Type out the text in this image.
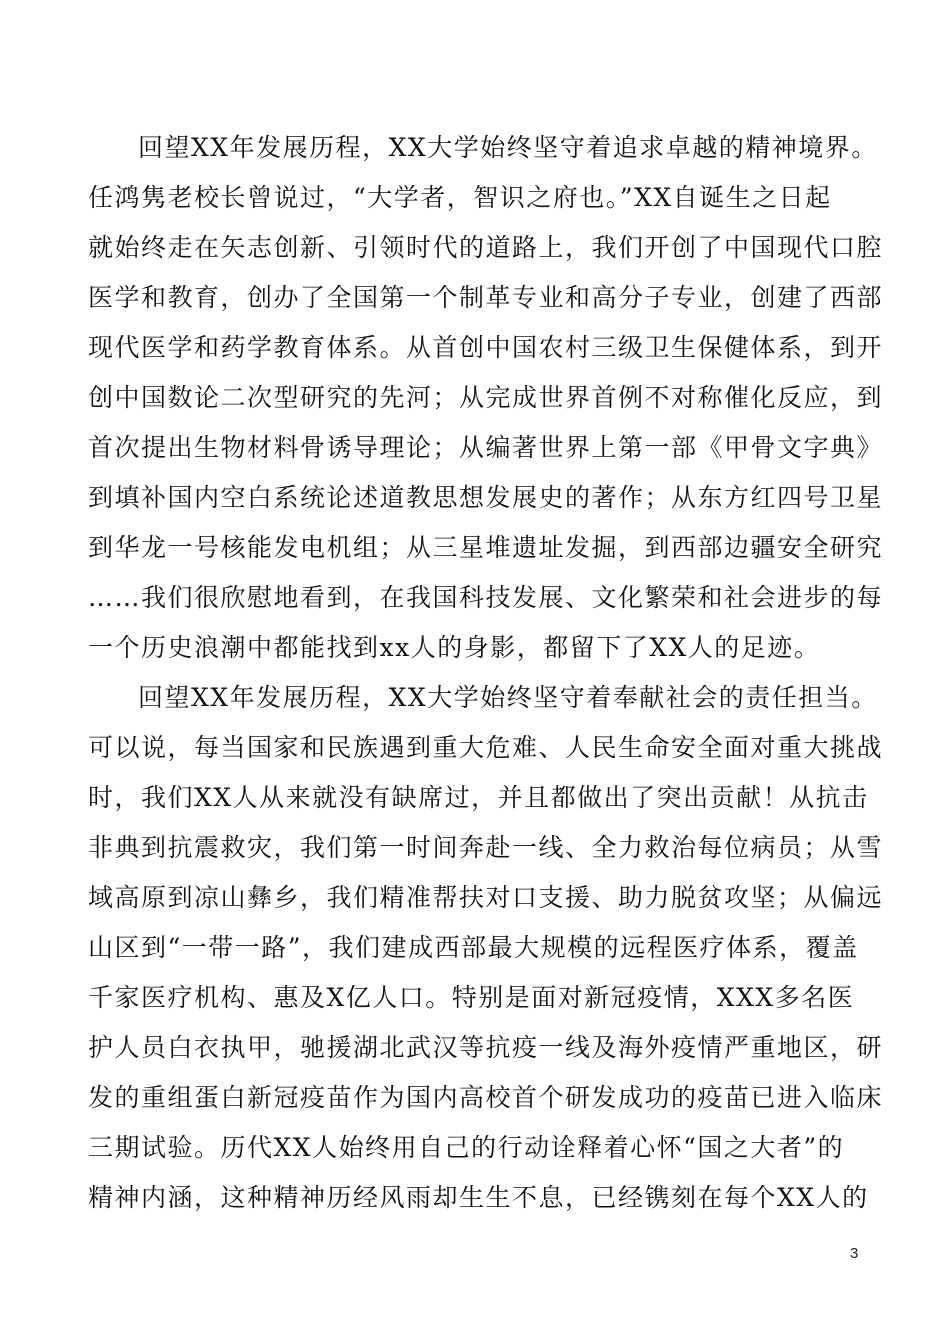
回望XX年发展历程，XX大学始终坚守着追求卓越的精神境界。
任鸿隽老校长曾说过，“大学者，智识之府也。”XX自诞生之日起
就始终走在矢志创新、引领时代的道路上，我们开创了中国现代口腔
医学和教育，创办了全国第一个制革专业和高分子专业，创建了西部
现代医学和药学教育体系。从首创中国农村三级卫生保健体系，到开
创中国数论二次型研究的先河；从完成世界首例不对称催化反应，到
首次提出生物材料骨诱导理论；从编著世界上第一部《甲骨文字典》
到填补国内空白系统论述道教思想发展史的著作；从东方红四号卫星
到华龙一号核能发电机组；从三星堆遗址发掘，到西部边疆安全研究
……我们很欣慰地看到，在我国科技发展、文化繁荣和社会进步的每
一个历史浪潮中都能找到xx人的身影，都留下了XX人的足迹。
回望XX年发展历程，XX大学始终坚守着奉献社会的责任担当。
可以说，每当国家和民族遇到重大危难、人民生命安全面对重大挑战
时，我们XX人从来就没有缺席过，并且都做出了突出贡献！从抗击
非典到抗震救灾，我们第一时间奔赴一线、全力救治每位病员；从雪
域高原到凉山彝乡，我们精准帮扶对口支援、助力脱贫攻坚；从偏远
山区到“一带一路”，我们建成西部最大规模的远程医疗体系，覆盖
千家医疗机构、惠及X亿人口。特别是面对新冠疫情，XXX多名医
护人员白衣执甲，驰援湖北武汉等抗疫一线及海外疫情严重地区，研
发的重组蛋白新冠疫苗作为国内高校首个研发成功的疫苗已进入临床
三期试验。历代XX人始终用自己的行动诠释着心怀“国之大者”的
精神内涵，这种精神历经风雨却生生不息，已经镌刻在每个XX人的
3
